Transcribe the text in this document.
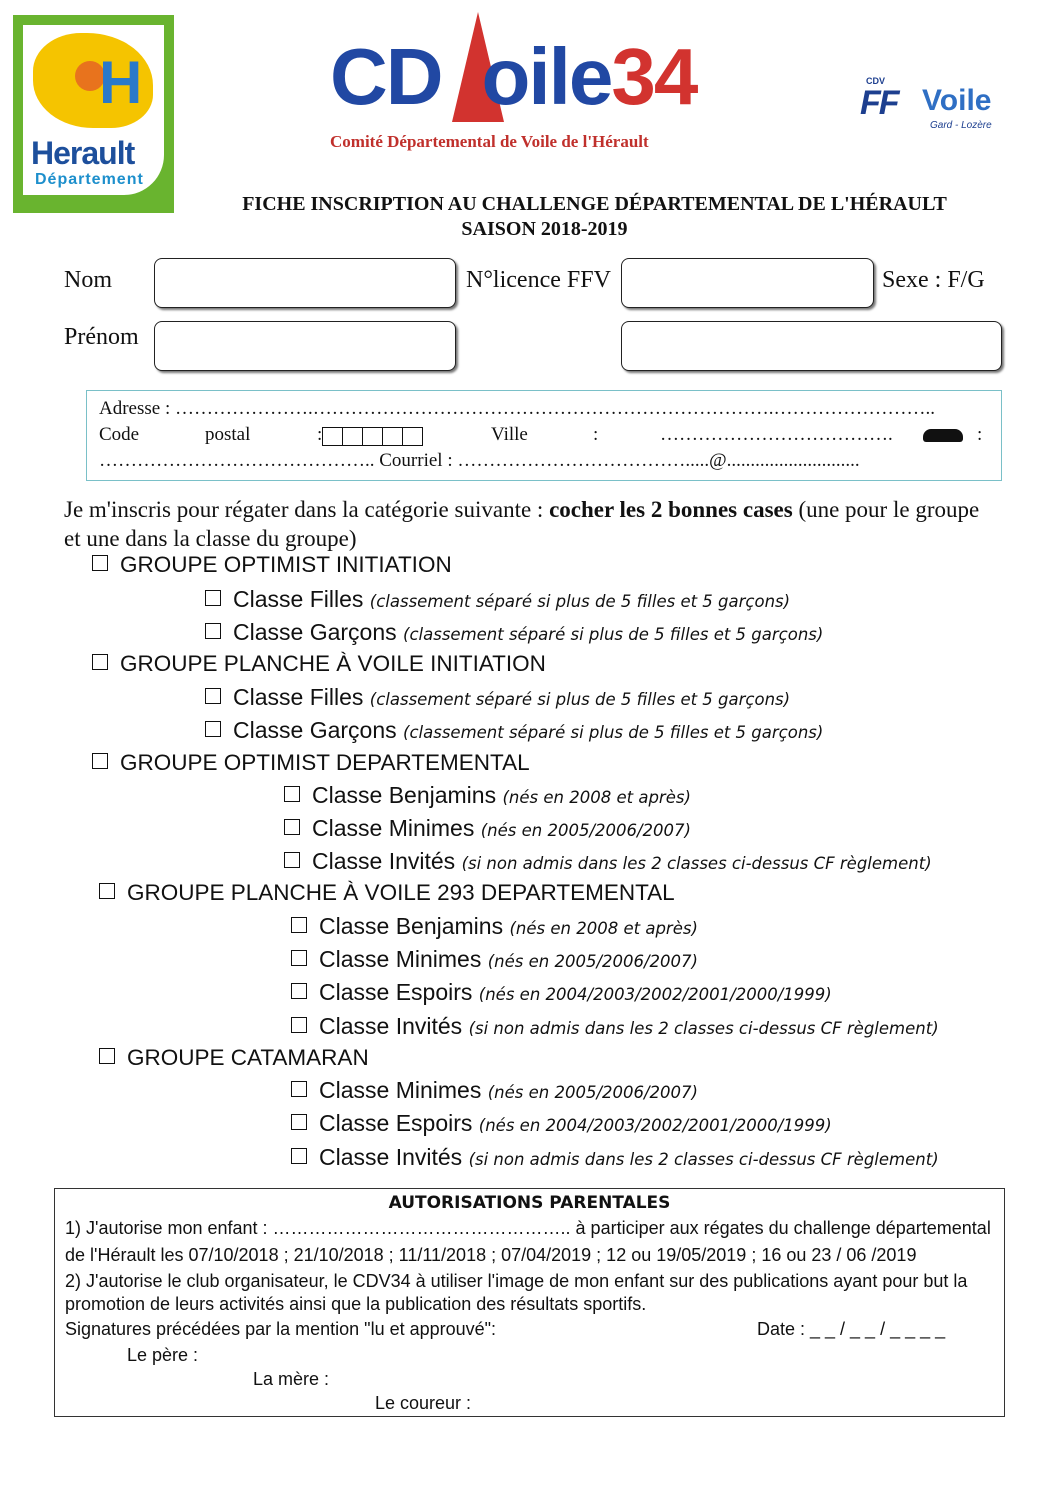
H
Herault
Département
CD oile34
Comité Départemental de Voile de l'Hérault
CDV
FF Voile
Gard - Lozère
FICHE INSCRIPTION AU CHALLENGE DÉPARTEMENTAL DE L'HÉRAULT
SAISON 2018-2019
Nom	N°licence FFV	Sexe : F/G
Prénom
Adresse : ………………….……………………………………………………………….……………………..
Code	postal	:	Ville	:	……………………………….	:
…………………………………….. Courriel : ……………………………….....@............................
Je m'inscris pour régater dans la catégorie suivante : cocher les 2 bonnes cases (une pour le groupe et une dans la classe du groupe)
GROUPE OPTIMIST INITIATION
Classe Filles (classement séparé si plus de 5 filles et 5 garçons)
Classe Garçons (classement séparé si plus de 5 filles et 5 garçons)
GROUPE PLANCHE À VOILE INITIATION
Classe Filles (classement séparé si plus de 5 filles et 5 garçons)
Classe Garçons (classement séparé si plus de 5 filles et 5 garçons)
GROUPE OPTIMIST DEPARTEMENTAL
Classe Benjamins (nés en 2008 et après)
Classe Minimes (nés en 2005/2006/2007)
Classe Invités (si non admis dans les 2 classes ci-dessus CF règlement)
GROUPE PLANCHE À VOILE 293 DEPARTEMENTAL
Classe Benjamins (nés en 2008 et après)
Classe Minimes (nés en 2005/2006/2007)
Classe Espoirs (nés en 2004/2003/2002/2001/2000/1999)
Classe Invités (si non admis dans les 2 classes ci-dessus CF règlement)
GROUPE CATAMARAN
Classe Minimes (nés en 2005/2006/2007)
Classe Espoirs (nés en 2004/2003/2002/2001/2000/1999)
Classe Invités (si non admis dans les 2 classes ci-dessus CF règlement)
AUTORISATIONS PARENTALES
1) J'autorise mon enfant : ………………………………………….. à participer aux régates du challenge départemental
de l'Hérault les 07/10/2018 ; 21/10/2018 ; 11/11/2018 ; 07/04/2019 ; 12 ou 19/05/2019 ; 16 ou 23 / 06 /2019
2) J'autorise le club organisateur, le CDV34 à utiliser l'image de mon enfant sur des publications ayant pour but la
promotion de leurs activités ainsi que la publication des résultats sportifs.
Signatures précédées par la mention "lu et approuvé":	Date : _ _ / _ _ / _ _ _ _
Le père :
La mère :
Le coureur :
